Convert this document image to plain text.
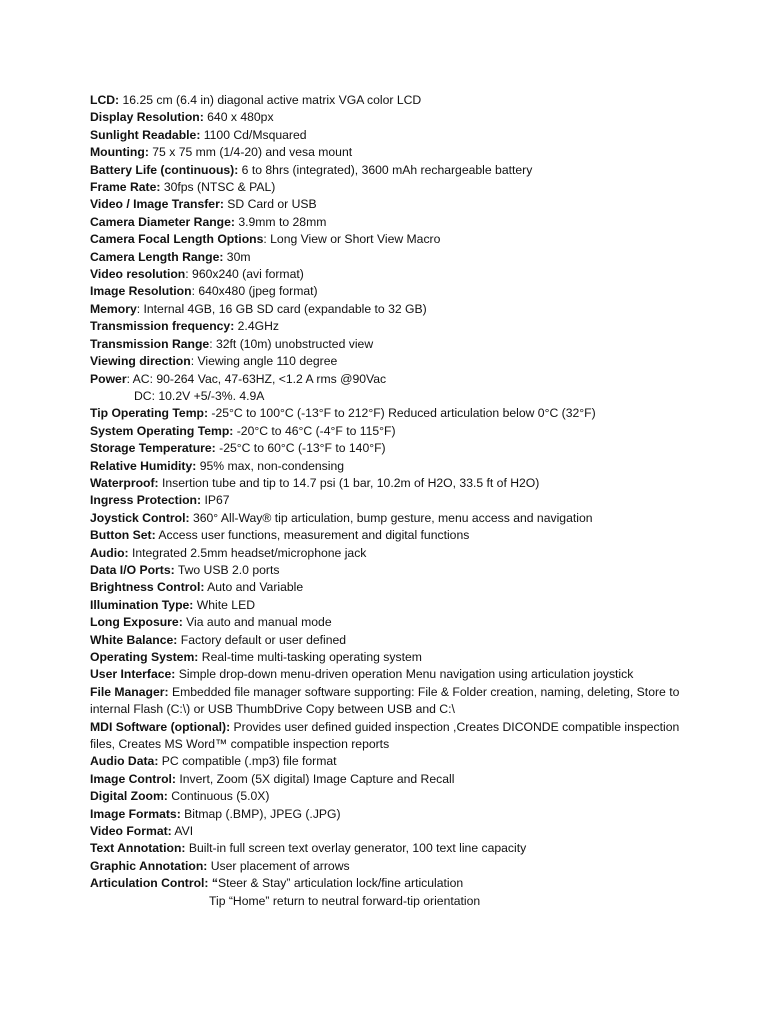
LCD: 16.25 cm (6.4 in) diagonal active matrix VGA color LCD
Display Resolution: 640 x 480px
Sunlight Readable: 1100 Cd/Msquared
Mounting: 75 x 75 mm (1/4-20) and vesa mount
Battery Life (continuous): 6 to 8hrs (integrated), 3600 mAh rechargeable battery
Frame Rate: 30fps (NTSC & PAL)
Video / Image Transfer: SD Card or USB
Camera Diameter Range: 3.9mm to 28mm
Camera Focal Length Options: Long View or Short View Macro
Camera Length Range: 30m
Video resolution: 960x240 (avi format)
Image Resolution: 640x480 (jpeg format)
Memory: Internal 4GB, 16 GB SD card (expandable to 32 GB)
Transmission frequency: 2.4GHz
Transmission Range: 32ft (10m) unobstructed view
Viewing direction: Viewing angle 110 degree
Power: AC: 90-264 Vac, 47-63HZ, <1.2 A rms @90Vac
DC: 10.2V +5/-3%. 4.9A
Tip Operating Temp: -25°C to 100°C (-13°F to 212°F) Reduced articulation below 0°C (32°F)
System Operating Temp: -20°C to 46°C (-4°F to 115°F)
Storage Temperature: -25°C to 60°C (-13°F to 140°F)
Relative Humidity: 95% max, non-condensing
Waterproof: Insertion tube and tip to 14.7 psi (1 bar, 10.2m of H2O, 33.5 ft of H2O)
Ingress Protection: IP67
Joystick Control: 360° All-Way® tip articulation, bump gesture, menu access and navigation
Button Set: Access user functions, measurement and digital functions
Audio: Integrated 2.5mm headset/microphone jack
Data I/O Ports: Two USB 2.0 ports
Brightness Control: Auto and Variable
Illumination Type: White LED
Long Exposure: Via auto and manual mode
White Balance: Factory default or user defined
Operating System: Real-time multi-tasking operating system
User Interface: Simple drop-down menu-driven operation Menu navigation using articulation joystick
File Manager: Embedded file manager software supporting: File & Folder creation, naming, deleting, Store to internal Flash (C:\) or USB ThumbDrive Copy between USB and C:\
MDI Software (optional): Provides user defined guided inspection ,Creates DICONDE compatible inspection files, Creates MS Word™ compatible inspection reports
Audio Data: PC compatible (.mp3) file format
Image Control: Invert, Zoom (5X digital) Image Capture and Recall
Digital Zoom: Continuous (5.0X)
Image Formats: Bitmap (.BMP), JPEG (.JPG)
Video Format: AVI
Text Annotation: Built-in full screen text overlay generator, 100 text line capacity
Graphic Annotation: User placement of arrows
Articulation Control: “Steer & Stay” articulation lock/fine articulation
Tip “Home” return to neutral forward-tip orientation
